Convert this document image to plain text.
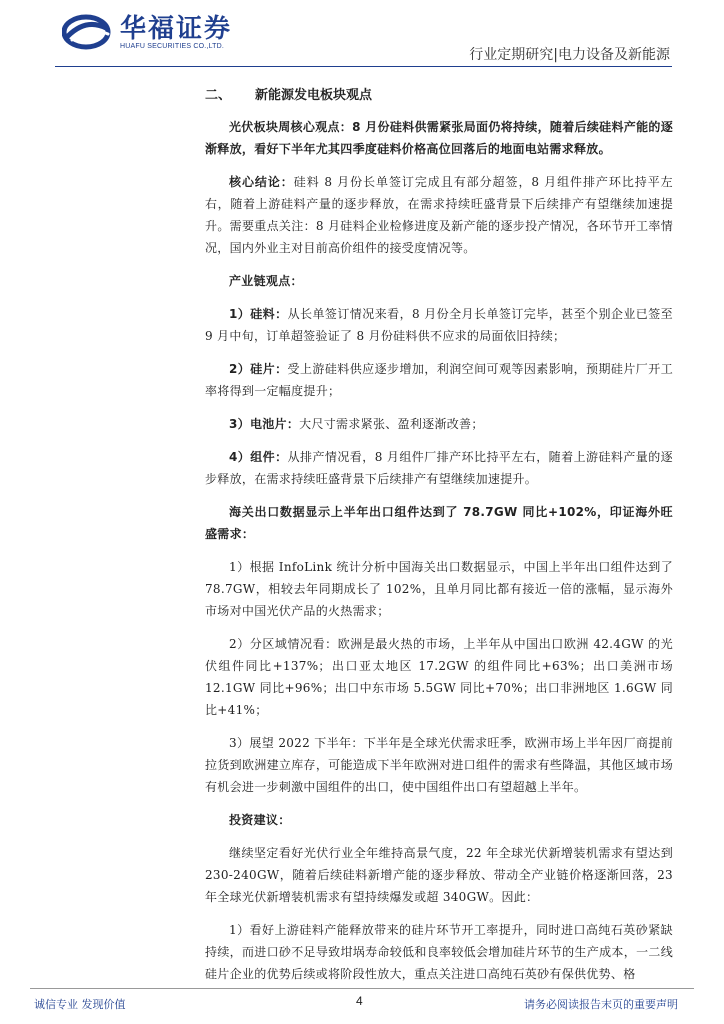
华福证券
HUAFU SECURITIES CO.,LTD.
行业定期研究|电力设备及新能源
二、 新能源发电板块观点

光伏板块周核心观点：8 月份硅料供需紧张局面仍将持续，随着后续硅料产能的逐渐释放，看好下半年尤其四季度硅料价格高位回落后的地面电站需求释放。

核心结论：硅料 8 月份长单签订完成且有部分超签，8 月组件排产环比持平左右，随着上游硅料产量的逐步释放，在需求持续旺盛背景下后续排产有望继续加速提升。需要重点关注：8 月硅料企业检修进度及新产能的逐步投产情况，各环节开工率情况，国内外业主对目前高价组件的接受度情况等。

产业链观点：

1）硅料：从长单签订情况来看，8 月份全月长单签订完毕，甚至个别企业已签至 9 月中旬，订单超签验证了 8 月份硅料供不应求的局面依旧持续；

2）硅片：受上游硅料供应逐步增加，利润空间可观等因素影响，预期硅片厂开工率将得到一定幅度提升；

3）电池片：大尺寸需求紧张、盈利逐渐改善；

4）组件：从排产情况看，8 月组件厂排产环比持平左右，随着上游硅料产量的逐步释放，在需求持续旺盛背景下后续排产有望继续加速提升。

海关出口数据显示上半年出口组件达到了 78.7GW 同比+102%，印证海外旺盛需求：

1）根据 InfoLink 统计分析中国海关出口数据显示，中国上半年出口组件达到了 78.7GW，相较去年同期成长了 102%，且单月同比都有接近一倍的涨幅，显示海外市场对中国光伏产品的火热需求；

2）分区域情况看：欧洲是最火热的市场，上半年从中国出口欧洲 42.4GW 的光伏组件同比+137%；出口亚太地区 17.2GW 的组件同比+63%；出口美洲市场 12.1GW 同比+96%；出口中东市场 5.5GW 同比+70%；出口非洲地区 1.6GW 同比+41%；

3）展望 2022 下半年：下半年是全球光伏需求旺季，欧洲市场上半年因厂商提前拉货到欧洲建立库存，可能造成下半年欧洲对进口组件的需求有些降温，其他区域市场有机会进一步刺激中国组件的出口，使中国组件出口有望超越上半年。

投资建议：

继续坚定看好光伏行业全年维持高景气度，22 年全球光伏新增装机需求有望达到 230-240GW，随着后续硅料新增产能的逐步释放、带动全产业链价格逐渐回落，23 年全球光伏新增装机需求有望持续爆发或超 340GW。因此：

1）看好上游硅料产能释放带来的硅片环节开工率提升，同时进口高纯石英砂紧缺持续，而进口砂不足导致坩埚寿命较低和良率较低会增加硅片环节的生产成本，一二线硅片企业的优势后续或将阶段性放大，重点关注进口高纯石英砂有保供优势、格

诚信专业 发现价值	4	请务必阅读报告末页的重要声明
